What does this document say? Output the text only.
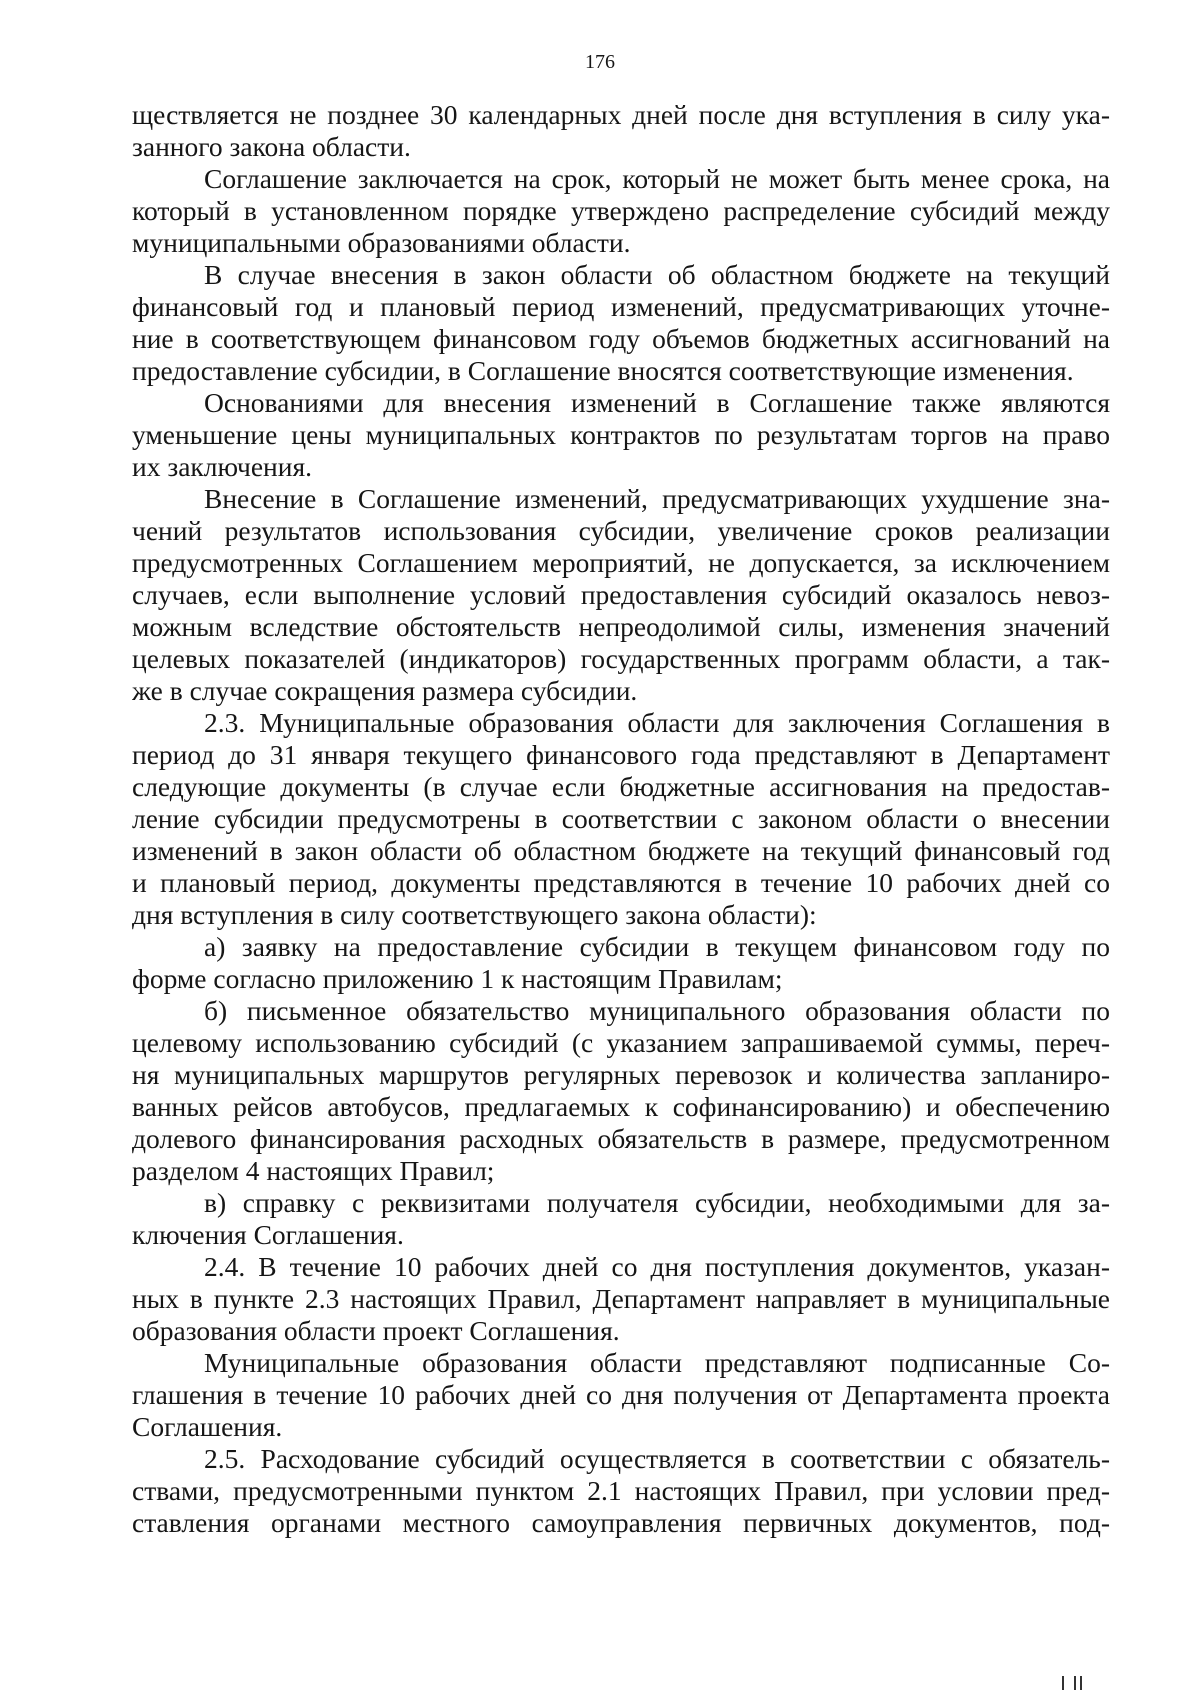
176
ществляется не позднее 30 календарных дней после дня вступления в силу ука-
занного закона области.
Соглашение заключается на срок, который не может быть менее срока, на
который в установленном порядке утверждено распределение субсидий между
муниципальными образованиями области.
В случае внесения в закон области об областном бюджете на текущий
финансовый год и плановый период изменений, предусматривающих уточне-
ние в соответствующем финансовом году объемов бюджетных ассигнований на
предоставление субсидии, в Соглашение вносятся соответствующие изменения.
Основаниями для внесения изменений в Соглашение также являются
уменьшение цены муниципальных контрактов по результатам торгов на право
их заключения.
Внесение в Соглашение изменений, предусматривающих ухудшение зна-
чений результатов использования субсидии, увеличение сроков реализации
предусмотренных Соглашением мероприятий, не допускается, за исключением
случаев, если выполнение условий предоставления субсидий оказалось невоз-
можным вследствие обстоятельств непреодолимой силы, изменения значений
целевых показателей (индикаторов) государственных программ области, а так-
же в случае сокращения размера субсидии.
2.3. Муниципальные образования области для заключения Соглашения в
период до 31 января текущего финансового года представляют в Департамент
следующие документы (в случае если бюджетные ассигнования на предостав-
ление субсидии предусмотрены в соответствии с законом области о внесении
изменений в закон области об областном бюджете на текущий финансовый год
и плановый период, документы представляются в течение 10 рабочих дней со
дня вступления в силу соответствующего закона области):
а) заявку на предоставление субсидии в текущем финансовом году по
форме согласно приложению 1 к настоящим Правилам;
б) письменное обязательство муниципального образования области по
целевому использованию субсидий (с указанием запрашиваемой суммы, переч-
ня муниципальных маршрутов регулярных перевозок и количества запланиро-
ванных рейсов автобусов, предлагаемых к софинансированию) и обеспечению
долевого финансирования расходных обязательств в размере, предусмотренном
разделом 4 настоящих Правил;
в) справку с реквизитами получателя субсидии, необходимыми для за-
ключения Соглашения.
2.4. В течение 10 рабочих дней со дня поступления документов, указан-
ных в пункте 2.3 настоящих Правил, Департамент направляет в муниципальные
образования области проект Соглашения.
Муниципальные образования области представляют подписанные Со-
глашения в течение 10 рабочих дней со дня получения от Департамента проекта
Соглашения.
2.5. Расходование субсидий осуществляется в соответствии с обязатель-
ствами, предусмотренными пунктом 2.1 настоящих Правил, при условии пред-
ставления органами местного самоуправления первичных документов, под-
